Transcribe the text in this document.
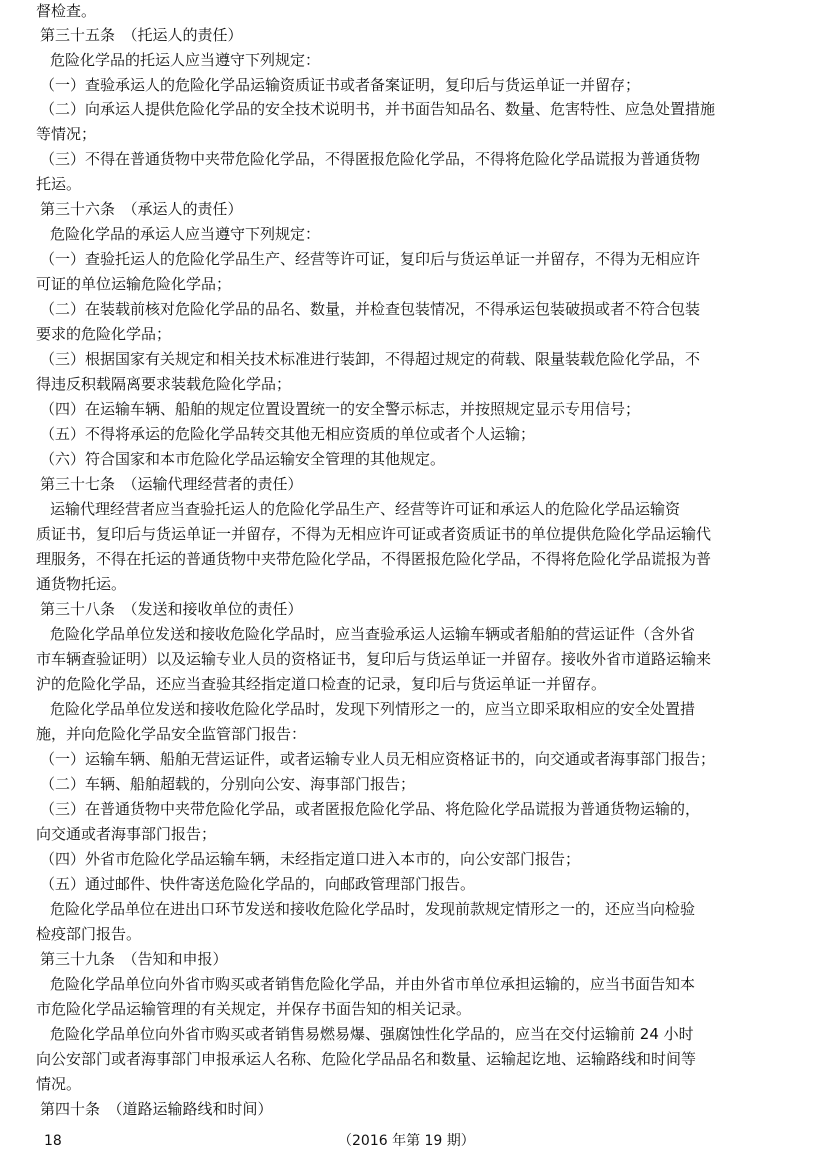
督检查。
第三十五条　（托运人的责任）
危险化学品的托运人应当遵守下列规定：
（一）查验承运人的危险化学品运输资质证书或者备案证明，复印后与货运单证一并留存；
（二）向承运人提供危险化学品的安全技术说明书，并书面告知品名、数量、危害特性、应急处置措施
等情况；
（三）不得在普通货物中夹带危险化学品，不得匿报危险化学品，不得将危险化学品谎报为普通货物
托运。
第三十六条　（承运人的责任）
危险化学品的承运人应当遵守下列规定：
（一）查验托运人的危险化学品生产、经营等许可证，复印后与货运单证一并留存，不得为无相应许
可证的单位运输危险化学品；
（二）在装载前核对危险化学品的品名、数量，并检查包装情况，不得承运包装破损或者不符合包装
要求的危险化学品；
（三）根据国家有关规定和相关技术标准进行装卸，不得超过规定的荷载、限量装载危险化学品，不
得违反积载隔离要求装载危险化学品；
（四）在运输车辆、船舶的规定位置设置统一的安全警示标志，并按照规定显示专用信号；
（五）不得将承运的危险化学品转交其他无相应资质的单位或者个人运输；
（六）符合国家和本市危险化学品运输安全管理的其他规定。
第三十七条　（运输代理经营者的责任）
运输代理经营者应当查验托运人的危险化学品生产、经营等许可证和承运人的危险化学品运输资
质证书，复印后与货运单证一并留存，不得为无相应许可证或者资质证书的单位提供危险化学品运输代
理服务，不得在托运的普通货物中夹带危险化学品，不得匿报危险化学品，不得将危险化学品谎报为普
通货物托运。
第三十八条　（发送和接收单位的责任）
危险化学品单位发送和接收危险化学品时，应当查验承运人运输车辆或者船舶的营运证件（含外省
市车辆查验证明）以及运输专业人员的资格证书，复印后与货运单证一并留存。接收外省市道路运输来
沪的危险化学品，还应当查验其经指定道口检查的记录，复印后与货运单证一并留存。
危险化学品单位发送和接收危险化学品时，发现下列情形之一的，应当立即采取相应的安全处置措
施，并向危险化学品安全监管部门报告：
（一）运输车辆、船舶无营运证件，或者运输专业人员无相应资格证书的，向交通或者海事部门报告；
（二）车辆、船舶超载的，分别向公安、海事部门报告；
（三）在普通货物中夹带危险化学品，或者匿报危险化学品、将危险化学品谎报为普通货物运输的，
向交通或者海事部门报告；
（四）外省市危险化学品运输车辆，未经指定道口进入本市的，向公安部门报告；
（五）通过邮件、快件寄送危险化学品的，向邮政管理部门报告。
危险化学品单位在进出口环节发送和接收危险化学品时，发现前款规定情形之一的，还应当向检验
检疫部门报告。
第三十九条　（告知和申报）
危险化学品单位向外省市购买或者销售危险化学品，并由外省市单位承担运输的，应当书面告知本
市危险化学品运输管理的有关规定，并保存书面告知的相关记录。
危险化学品单位向外省市购买或者销售易燃易爆、强腐蚀性化学品的，应当在交付运输前 24 小时
向公安部门或者海事部门申报承运人名称、危险化学品品名和数量、运输起讫地、运输路线和时间等
情况。
第四十条　（道路运输路线和时间）
18	（2016 年第 19 期）
